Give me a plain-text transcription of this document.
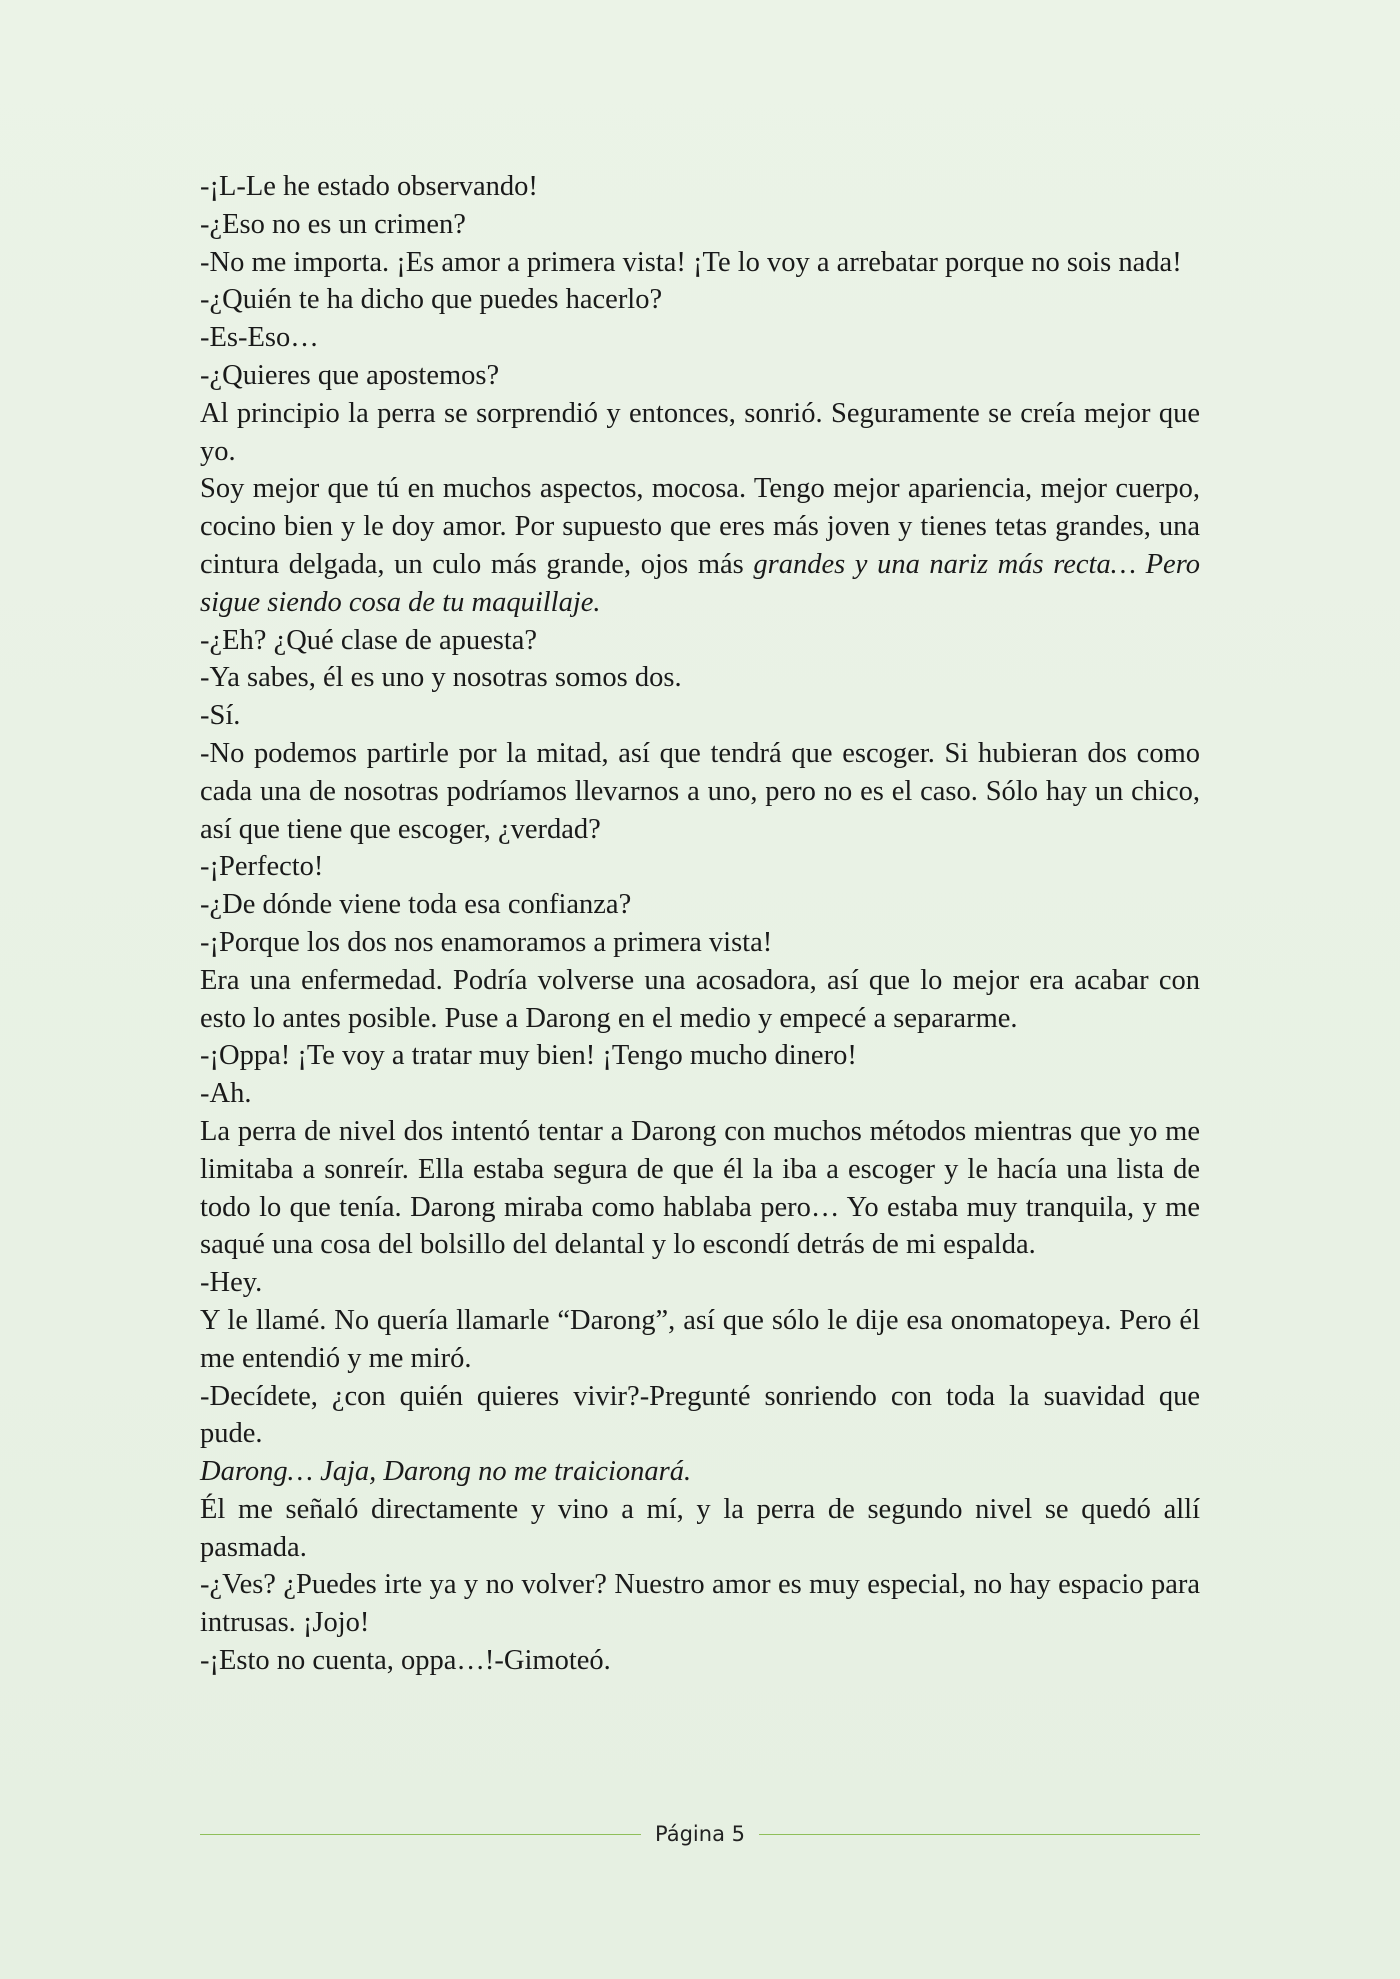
-¡L-Le he estado observando!

-¿Eso no es un crimen?

-No me importa. ¡Es amor a primera vista! ¡Te lo voy a arrebatar porque no sois nada!

-¿Quién te ha dicho que puedes hacerlo?

-Es-Eso…

-¿Quieres que apostemos?

Al principio la perra se sorprendió y entonces, sonrió. Seguramente se creía mejor que yo.

Soy mejor que tú en muchos aspectos, mocosa. Tengo mejor apariencia, mejor cuerpo, cocino bien y le doy amor. Por supuesto que eres más joven y tienes tetas grandes, una cintura delgada, un culo más grande, ojos más grandes y una nariz más recta… Pero sigue siendo cosa de tu maquillaje.

-¿Eh? ¿Qué clase de apuesta?

-Ya sabes, él es uno y nosotras somos dos.

-Sí.

-No podemos partirle por la mitad, así que tendrá que escoger. Si hubieran dos como cada una de nosotras podríamos llevarnos a uno, pero no es el caso. Sólo hay un chico, así que tiene que escoger, ¿verdad?

-¡Perfecto!

-¿De dónde viene toda esa confianza?

-¡Porque los dos nos enamoramos a primera vista!

Era una enfermedad. Podría volverse una acosadora, así que lo mejor era acabar con esto lo antes posible. Puse a Darong en el medio y empecé a separarme.

-¡Oppa! ¡Te voy a tratar muy bien! ¡Tengo mucho dinero!

-Ah.

La perra de nivel dos intentó tentar a Darong con muchos métodos mientras que yo me limitaba a sonreír. Ella estaba segura de que él la iba a escoger y le hacía una lista de todo lo que tenía. Darong miraba como hablaba pero… Yo estaba muy tranquila, y me saqué una cosa del bolsillo del delantal y lo escondí detrás de mi espalda.

-Hey.

Y le llamé. No quería llamarle “Darong”, así que sólo le dije esa onomatopeya. Pero él me entendió y me miró.

-Decídete, ¿con quién quieres vivir?-Pregunté sonriendo con toda la suavidad que pude.

Darong… Jaja, Darong no me traicionará.

Él me señaló directamente y vino a mí, y la perra de segundo nivel se quedó allí pasmada.

-¿Ves? ¿Puedes irte ya y no volver? Nuestro amor es muy especial, no hay espacio para intrusas. ¡Jojo!

-¡Esto no cuenta, oppa…!-Gimoteó.

Página 5
